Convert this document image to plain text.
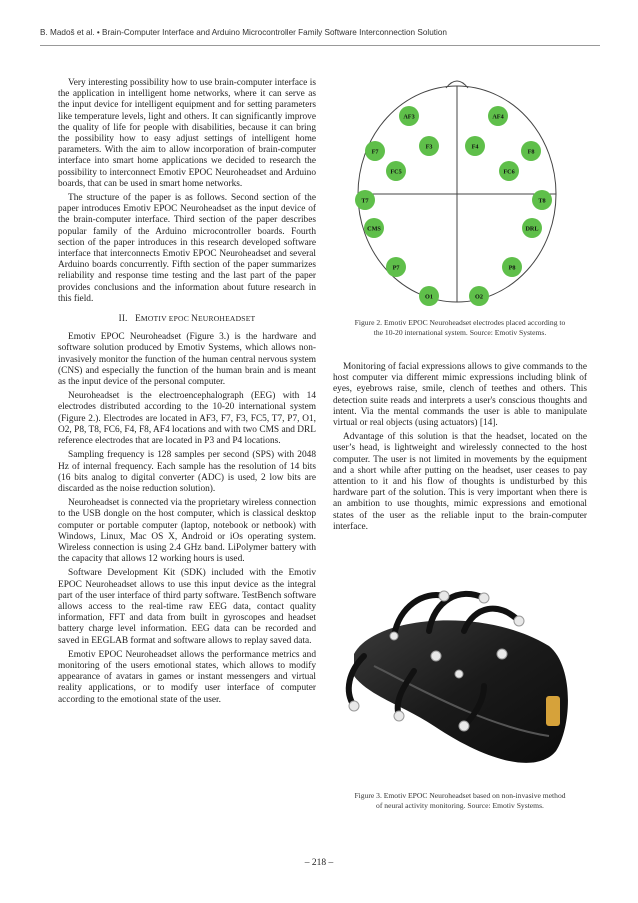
B. Madoš et al. • Brain-Computer Interface and Arduino Microcontroller Family Software Interconnection Solution

Very interesting possibility how to use brain-computer interface is the application in intelligent home networks, where it can serve as the input device for intelligent equipment and for setting parameters like temperature levels, light and others. It can significantly improve the quality of life for people with disabilities, because it can bring the possibility how to easy adjust settings of intelligent home parameters. With the aim to allow incorporation of brain-computer interface into smart home applications we decided to research the possibility to interconnect Emotiv EPOC Neuroheadset and Arduino boards, that can be used in smart home networks.

The structure of the paper is as follows. Second section of the paper introduces Emotiv EPOC Neuroheadset as the input device of the brain-computer interface. Third section of the paper describes popular family of the Arduino microcontroller boards. Fourth section of the paper introduces in this research developed software interface that interconnects Emotiv EPOC Neuroheadset and several Arduino boards concurrently. Fifth section of the paper summarizes reliability and response time testing and the last part of the paper provides conclusions and the information about future research in this field.

II. EMOTIV EPOC NEUROHEADSET

Emotiv EPOC Neuroheadset (Figure 3.) is the hardware and software solution produced by Emotiv Systems, which allows non-invasively monitor the function of the human central nervous system (CNS) and especially the function of the human brain and is meant as the input device of the personal computer.

Neuroheadset is the electroencephalograph (EEG) with 14 electrodes distributed according to the 10-20 international system (Figure 2.). Electrodes are located in AF3, F7, F3, FC5, T7, P7, O1, O2, P8, T8, FC6, F4, F8, AF4 locations and with two CMS and DRL reference electrodes that are located in P3 and P4 locations.

Sampling frequency is 128 samples per second (SPS) with 2048 Hz of internal frequency. Each sample has the resolution of 14 bits (16 bits analog to digital converter (ADC) is used, 2 low bits are discarded as the noise reduction solution).

Neuroheadset is connected via the proprietary wireless connection to the USB dongle on the host computer, which is classical desktop computer or portable computer (laptop, notebook or netbook) with Windows, Linux, Mac OS X, Android or iOs operating system. Wireless connection is using 2.4 GHz band. LiPolymer battery with the capacity that allows 12 working hours is used.

Software Development Kit (SDK) included with the Emotiv EPOC Neuroheadset allows to use this input device as the integral part of the user interface of third party software. TestBench software allows access to the real-time raw EEG data, contact quality information, FFT and data from built in gyroscopes and headset battery charge level information. EEG data can be recorded and saved in EEGLAB format and software allows to replay saved data.

Emotiv EPOC Neuroheadset allows the performance metrics and monitoring of the users emotional states, which allows to modify appearance of avatars in games or instant messengers and virtual reality applications, or to modify user interface of computer according to the emotional state of the user.

AF3	AF4
F7
F3	F4
F8
FC5	FC6
T7	T8
CMS	DRL
P7	P8
O1	O2
Figure 2. Emotiv EPOC Neuroheadset electrodes placed according to
the 10-20 international system. Source: Emotiv Systems.

Monitoring of facial expressions allows to give commands to the host computer via different mimic expressions including blink of eyes, eyebrows raise, smile, clench of teethes and others. This detection suite reads and interprets a user's conscious thoughts and intent. Via the mental commands the user is able to manipulate virtual or real objects (using actuators) [14].

Advantage of this solution is that the headset, located on the user’s head, is lightweight and wirelessly connected to the host computer. The user is not limited in movements by the equipment and a short while after putting on the headset, user ceases to pay attention to it and his flow of thoughts is undisturbed by this hardware part of the solution. This is very important when there is an ambition to use thoughts, mimic expressions and emotional states of the user as the reliable input to the brain-computer interface.

Figure 3. Emotiv EPOC Neuroheadset based on non-invasive method
of neural activity monitoring. Source: Emotiv Systems.
– 218 –
